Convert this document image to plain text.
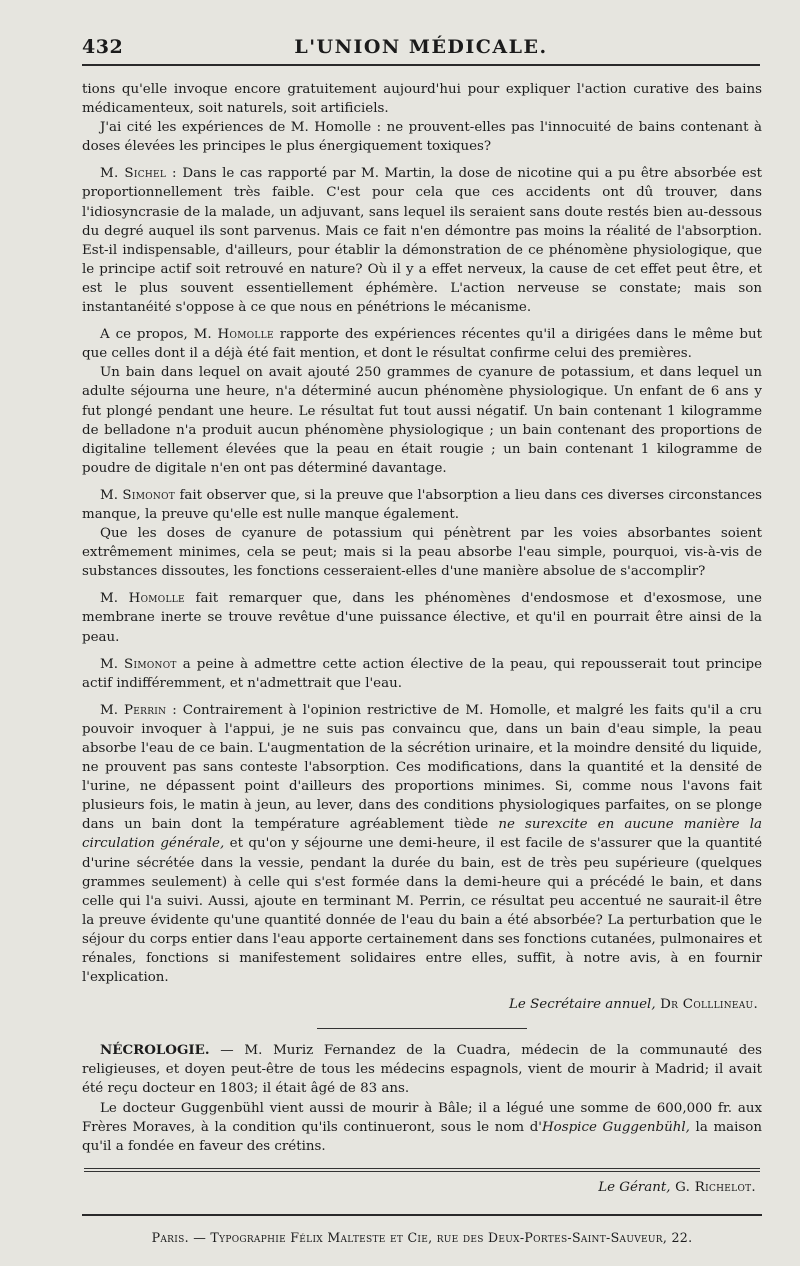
432	L'UNION MÉDICALE.

tions qu'elle invoque encore gratuitement aujourd'hui pour expliquer l'action curative des bains médicamenteux, soit naturels, soit artificiels.

J'ai cité les expériences de M. Homolle : ne prouvent-elles pas l'innocuité de bains contenant à doses élevées les principes le plus énergiquement toxiques?

M. Sichel : Dans le cas rapporté par M. Martin, la dose de nicotine qui a pu être absorbée est proportionnellement très faible. C'est pour cela que ces accidents ont dû trouver, dans l'idiosyncrasie de la malade, un adjuvant, sans lequel ils seraient sans doute restés bien au-dessous du degré auquel ils sont parvenus. Mais ce fait n'en démontre pas moins la réalité de l'absorption. Est-il indispensable, d'ailleurs, pour établir la démonstration de ce phénomène physiologique, que le principe actif soit retrouvé en nature? Où il y a effet nerveux, la cause de cet effet peut être, et est le plus souvent essentiellement éphémère. L'action nerveuse se constate; mais son instantanéité s'oppose à ce que nous en pénétrions le mécanisme.

A ce propos, M. Homolle rapporte des expériences récentes qu'il a dirigées dans le même but que celles dont il a déjà été fait mention, et dont le résultat confirme celui des premières.

Un bain dans lequel on avait ajouté 250 grammes de cyanure de potassium, et dans lequel un adulte séjourna une heure, n'a déterminé aucun phénomène physiologique. Un enfant de 6 ans y fut plongé pendant une heure. Le résultat fut tout aussi négatif. Un bain contenant 1 kilogramme de belladone n'a produit aucun phénomène physiologique ; un bain contenant des proportions de digitaline tellement élevées que la peau en était rougie ; un bain contenant 1 kilogramme de poudre de digitale n'en ont pas déterminé davantage.

M. Simonot fait observer que, si la preuve que l'absorption a lieu dans ces diverses circonstances manque, la preuve qu'elle est nulle manque également.

Que les doses de cyanure de potassium qui pénètrent par les voies absorbantes soient extrêmement minimes, cela se peut; mais si la peau absorbe l'eau simple, pourquoi, vis-à-vis de substances dissoutes, les fonctions cesseraient-elles d'une manière absolue de s'accomplir?

M. Homolle fait remarquer que, dans les phénomènes d'endosmose et d'exosmose, une membrane inerte se trouve revêtue d'une puissance élective, et qu'il en pourrait être ainsi de la peau.

M. Simonot a peine à admettre cette action élective de la peau, qui repousserait tout principe actif indifféremment, et n'admettrait que l'eau.

M. Perrin : Contrairement à l'opinion restrictive de M. Homolle, et malgré les faits qu'il a cru pouvoir invoquer à l'appui, je ne suis pas convaincu que, dans un bain d'eau simple, la peau absorbe l'eau de ce bain. L'augmentation de la sécrétion urinaire, et la moindre densité du liquide, ne prouvent pas sans conteste l'absorption. Ces modifications, dans la quantité et la densité de l'urine, ne dépassent point d'ailleurs des proportions minimes. Si, comme nous l'avons fait plusieurs fois, le matin à jeun, au lever, dans des conditions physiologiques parfaites, on se plonge dans un bain dont la température agréablement tiède ne surexcite en aucune manière la circulation générale, et qu'on y séjourne une demi-heure, il est facile de s'assurer que la quantité d'urine sécrétée dans la vessie, pendant la durée du bain, est de très peu supérieure (quelques grammes seulement) à celle qui s'est formée dans la demi-heure qui a précédé le bain, et dans celle qui l'a suivi. Aussi, ajoute en terminant M. Perrin, ce résultat peu accentué ne saurait-il être la preuve évidente qu'une quantité donnée de l'eau du bain a été absorbée? La perturbation que le séjour du corps entier dans l'eau apporte certainement dans ses fonctions cutanées, pulmonaires et rénales, fonctions si manifestement solidaires entre elles, suffit, à notre avis, à en fournir l'explication.

Le Secrétaire annuel, Dr Colllineau.

NÉCROLOGIE. — M. Muriz Fernandez de la Cuadra, médecin de la communauté des religieuses, et doyen peut-être de tous les médecins espagnols, vient de mourir à Madrid; il avait été reçu docteur en 1803; il était âgé de 83 ans.

Le docteur Guggenbühl vient aussi de mourir à Bâle; il a légué une somme de 600,000 fr. aux Frères Moraves, à la condition qu'ils continueront, sous le nom d'Hospice Guggenbühl, la maison qu'il a fondée en faveur des crétins.

Le Gérant, G. Richelot.
Paris. — Typographie Félix Malteste et Cie, rue des Deux-Portes-Saint-Sauveur, 22.
